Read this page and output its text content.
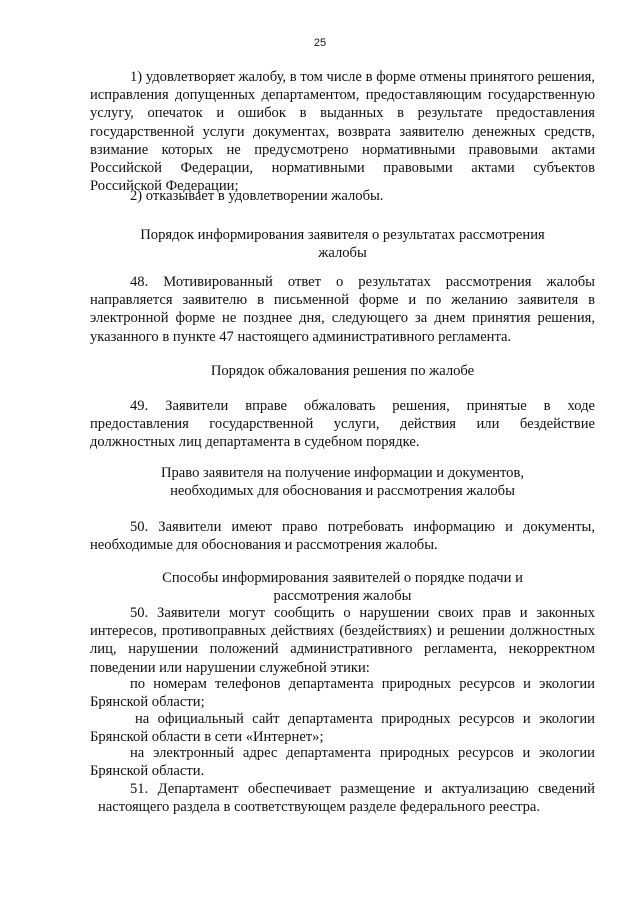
25

1) удовлетворяет жалобу, в том числе в форме отмены принятого решения, исправления допущенных департаментом, предоставляющим государственную услугу, опечаток и ошибок в выданных в результате предоставления государственной услуги документах, возврата заявителю денежных средств, взимание которых не предусмотрено нормативными правовыми актами Российской Федерации, нормативными правовыми актами субъектов Российской Федерации;

2) отказывает в удовлетворении жалобы.

Порядок информирования заявителя о результатах рассмотрения
жалобы

48. Мотивированный ответ о результатах рассмотрения жалобы направляется заявителю в письменной форме и по желанию заявителя в электронной форме не позднее дня, следующего за днем принятия решения, указанного в пункте 47 настоящего административного регламента.

Порядок обжалования решения по жалобе

49. Заявители вправе обжаловать решения, принятые в ходе предоставления государственной услуги, действия или бездействие должностных лиц департамента в судебном порядке.

Право заявителя на получение информации и документов,
необходимых для обоснования и рассмотрения жалобы

50. Заявители имеют право потребовать информацию и документы, необходимые для обоснования и рассмотрения жалобы.

Способы информирования заявителей о порядке подачи и
рассмотрения жалобы

50. Заявители могут сообщить о нарушении своих прав и законных интересов, противоправных действиях (бездействиях) и решении должностных лиц, нарушении положений административного регламента, некорректном поведении или нарушении служебной этики:

по номерам телефонов департамента природных ресурсов и экологии Брянской области;

на официальный сайт департамента природных ресурсов и экологии Брянской области в сети «Интернет»;

на электронный адрес департамента природных ресурсов и экологии Брянской области.

51. Департамент обеспечивает размещение и актуализацию сведений настоящего раздела в соответствующем разделе федерального реестра.
